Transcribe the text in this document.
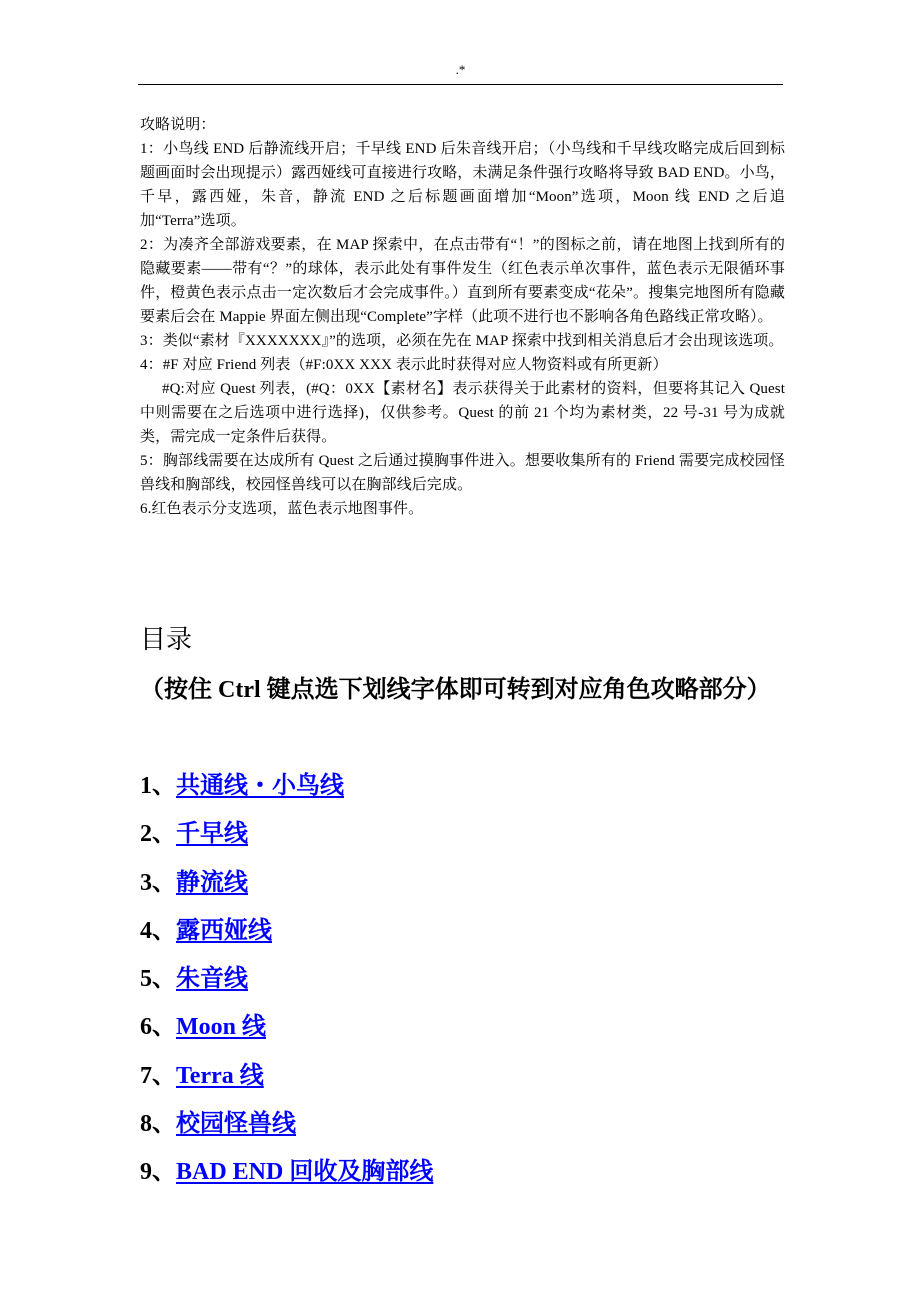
.*

攻略说明：

1：小鸟线 END 后静流线开启；千早线 END 后朱音线开启；（小鸟线和千早线攻略完成后回到标题画面时会出现提示）露西娅线可直接进行攻略，未满足条件强行攻略将导致 BAD END。小鸟，千早，露西娅，朱音，静流 END 之后标题画面增加“Moon”选项，Moon 线 END 之后追加“Terra”选项。

2：为凑齐全部游戏要素，在 MAP 探索中，在点击带有“！”的图标之前，请在地图上找到所有的隐藏要素——带有“？”的球体，表示此处有事件发生（红色表示单次事件，蓝色表示无限循环事件，橙黄色表示点击一定次数后才会完成事件。）直到所有要素变成“花朵”。搜集完地图所有隐藏要素后会在 Mappie 界面左侧出现“Complete”字样（此项不进行也不影响各角色路线正常攻略）。

3：类似“素材『XXXXXXX』”的选项，必须在先在 MAP 探索中找到相关消息后才会出现该选项。

4：#F 对应 Friend 列表（#F:0XX XXX 表示此时获得对应人物资料或有所更新）

#Q:对应 Quest 列表，(#Q：0XX【素材名】表示获得关于此素材的资料，但要将其记入 Quest 中则需要在之后选项中进行选择)，仅供参考。Quest 的前 21 个均为素材类，22 号-31 号为成就类，需完成一定条件后获得。

5：胸部线需要在达成所有 Quest 之后通过摸胸事件进入。想要收集所有的 Friend 需要完成校园怪兽线和胸部线，校园怪兽线可以在胸部线后完成。

6.红色表示分支选项，蓝色表示地图事件。

目录
（按住 Ctrl 键点选下划线字体即可转到对应角色攻略部分）
1、共通线・小鸟线
2、千早线
3、静流线
4、露西娅线
5、朱音线
6、Moon 线
7、Terra 线
8、校园怪兽线
9、BAD END 回收及胸部线
